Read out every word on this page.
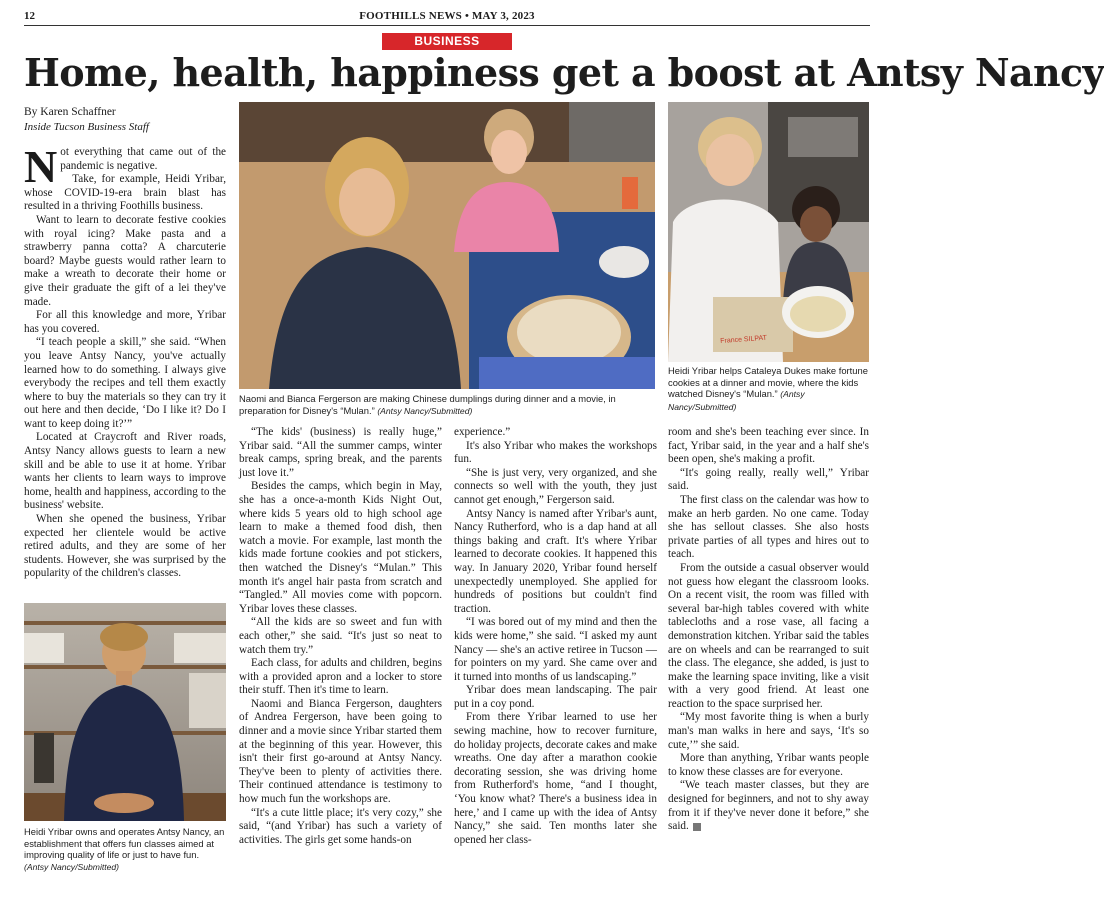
12	FOOTHILLS NEWS • MAY 3, 2023
BUSINESS
Home, health, happiness get a boost at Antsy Nancy
By Karen Schaffner
Inside Tucson Business Staff

Not everything that came out of the pandemic is negative.

Take, for example, Heidi Yribar, whose COVID-19-era brain blast has resulted in a thriving Foothills business.

Want to learn to decorate festive cookies with royal icing? Make pasta and a strawberry panna cotta? A charcuterie board? Maybe guests would rather learn to make a wreath to decorate their home or give their graduate the gift of a lei they've made.

For all this knowledge and more, Yribar has you covered.

“I teach people a skill,” she said. “When you leave Antsy Nancy, you've actually learned how to do something. I always give everybody the recipes and tell them exactly where to buy the materials so they can try it out here and then decide, ‘Do I like it? Do I want to keep doing it?’”

Located at Craycroft and River roads, Antsy Nancy allows guests to learn a new skill and be able to use it at home. Yribar wants her clients to learn ways to improve home, health and happiness, according to the business' website.

When she opened the business, Yribar expected her clientele would be active retired adults, and they are some of her students. However, she was surprised by the popularity of the children's classes.

Heidi Yribar owns and operates Antsy Nancy, an establishment that offers fun classes aimed at improving quality of life or just to have fun. (Antsy Nancy/Submitted)
Naomi and Bianca Fergerson are making Chinese dumplings during dinner and a movie, in preparation for Disney's “Mulan.” (Antsy Nancy/Submitted)
France SILPAT
Heidi Yribar helps Cataleya Dukes make fortune cookies at a dinner and movie, where the kids watched Disney's “Mulan.” (Antsy Nancy/Submitted)

“The kids' (business) is really huge,” Yribar said. “All the summer camps, winter break camps, spring break, and the parents just love it.”

Besides the camps, which begin in May, she has a once-a-month Kids Night Out, where kids 5 years old to high school age learn to make a themed food dish, then watch a movie. For example, last month the kids made fortune cookies and pot stickers, then watched the Disney's “Mulan.” This month it's angel hair pasta from scratch and “Tangled.” All movies come with popcorn. Yribar loves these classes.

“All the kids are so sweet and fun with each other,” she said. “It's just so neat to watch them try.”

Each class, for adults and children, begins with a provided apron and a locker to store their stuff. Then it's time to learn.

Naomi and Bianca Fergerson, daughters of Andrea Fergerson, have been going to dinner and a movie since Yribar started them at the beginning of this year. However, this isn't their first go-around at Antsy Nancy. They've been to plenty of activities there. Their continued attendance is testimony to how much fun the workshops are.

“It's a cute little place; it's very cozy,” she said, “(and Yribar) has such a variety of activities. The girls get some hands-on

experience.”

It's also Yribar who makes the workshops fun.

“She is just very, very organized, and she connects so well with the youth, they just cannot get enough,” Fergerson said.

Antsy Nancy is named after Yribar's aunt, Nancy Rutherford, who is a dap hand at all things baking and craft. It's where Yribar learned to decorate cookies. It happened this way. In January 2020, Yribar found herself unexpectedly unemployed. She applied for hundreds of positions but couldn't find traction.

“I was bored out of my mind and then the kids were home,” she said. “I asked my aunt Nancy — she's an active retiree in Tucson — for pointers on my yard. She came over and it turned into months of us landscaping.”

Yribar does mean landscaping. The pair put in a coy pond.

From there Yribar learned to use her sewing machine, how to recover furniture, do holiday projects, decorate cakes and make wreaths. One day after a marathon cookie decorating session, she was driving home from Rutherford's home, “and I thought, ‘You know what? There's a business idea in here,’ and I came up with the idea of Antsy Nancy,” she said. Ten months later she opened her class-

room and she's been teaching ever since. In fact, Yribar said, in the year and a half she's been open, she's making a profit.

“It's going really, really well,” Yribar said.

The first class on the calendar was how to make an herb garden. No one came. Today she has sellout classes. She also hosts private parties of all types and hires out to teach.

From the outside a casual observer would not guess how elegant the classroom looks. On a recent visit, the room was filled with several bar-high tables covered with white tablecloths and a rose vase, all facing a demonstration kitchen. Yribar said the tables are on wheels and can be rearranged to suit the class. The elegance, she added, is just to make the learning space inviting, like a visit with a very good friend. At least one reaction to the space surprised her.

“My most favorite thing is when a burly man's man walks in here and says, ‘It's so cute,’” she said.

More than anything, Yribar wants people to know these classes are for everyone.

“We teach master classes, but they are designed for beginners, and not to shy away from it if they've never done it before,” she said.
